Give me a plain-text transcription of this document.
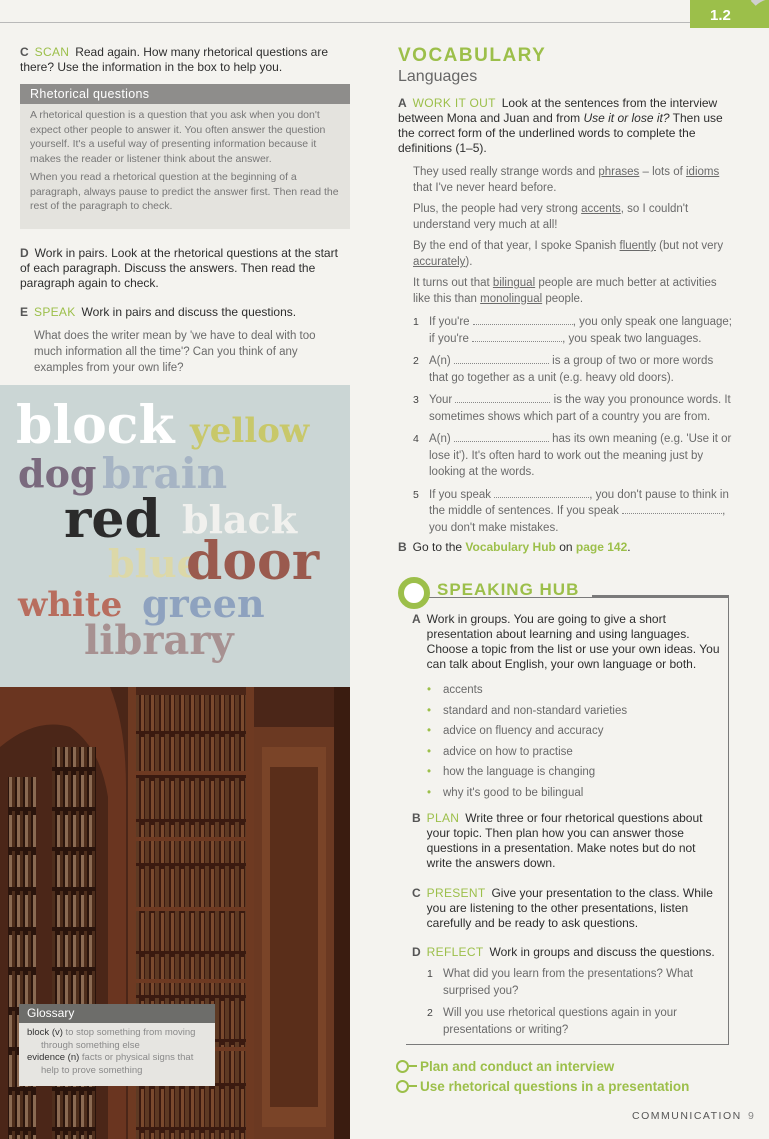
1.2
C SCAN Read again. How many rhetorical questions are there? Use the information in the box to help you.
Rhetorical questions

A rhetorical question is a question that you ask when you don't expect other people to answer it. You often answer the question yourself. It's a useful way of presenting information because it makes the reader or listener think about the answer.

When you read a rhetorical question at the beginning of a paragraph, always pause to predict the answer first. Then read the rest of the paragraph to check.

D Work in pairs. Look at the rhetorical questions at the start of each paragraph. Discuss the answers. Then read the paragraph again to check.
E SPEAK Work in pairs and discuss the questions.
What does the writer mean by 'we have to deal with too much information all the time'? Can you think of any examples from your own life?
block yellow
dog brain
red black
blue
door
white green
library
Glossary
block (v) to stop something from moving through something else
evidence (n) facts or physical signs that help to prove something
VOCABULARY
Languages
A WORK IT OUT Look at the sentences from the interview between Mona and Juan and from Use it or lose it? Then use the correct form of the underlined words to complete the definitions (1–5).

They used really strange words and phrases – lots of idioms that I've never heard before.

Plus, the people had very strong accents, so I couldn't understand very much at all!

By the end of that year, I spoke Spanish fluently (but not very accurately).

It turns out that bilingual people are much better at activities like this than monolingual people.

1 If you're	, you only speak one language;
if you're	, you speak two languages.
2 A(n)	is a group of two or more words that go together as a unit (e.g. heavy old doors).
3 Your	is the way you pronounce words. It sometimes shows which part of a country you are from.
4 A(n)	has its own meaning (e.g. 'Use it or lose it'). It's often hard to work out the meaning just by looking at the words.
5 If you speak	, you don't pause to think in the middle of sentences. If you speak	, you don't make mistakes.
B Go to the Vocabulary Hub on page 142.
SPEAKING HUB
A Work in groups. You are going to give a short presentation about learning and using languages. Choose a topic from the list or use your own ideas. You can talk about English, your own language or both.
• accents
• standard and non-standard varieties
• advice on fluency and accuracy
• advice on how to practise
• how the language is changing
• why it's good to be bilingual
B PLAN Write three or four rhetorical questions about your topic. Then plan how you can answer those questions in a presentation. Make notes but do not write the answers down.
C PRESENT Give your presentation to the class. While you are listening to the other presentations, listen carefully and be ready to ask questions.
D REFLECT Work in groups and discuss the questions.
1 What did you learn from the presentations? What surprised you?
2 Will you use rhetorical questions again in your presentations or writing?
Plan and conduct an interview
Use rhetorical questions in a presentation
COMMUNICATION 9
